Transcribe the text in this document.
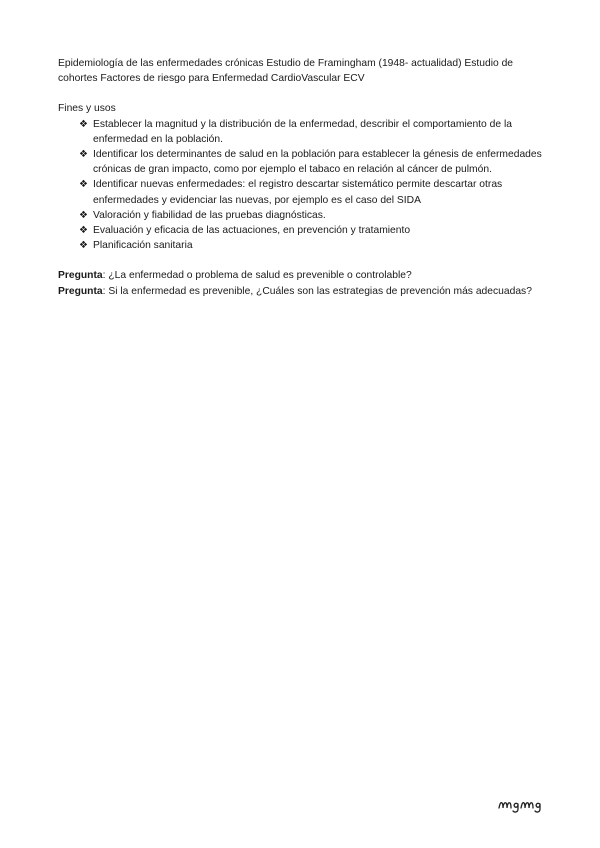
Epidemiología de las enfermedades crónicas Estudio de Framingham (1948- actualidad) Estudio de cohortes Factores de riesgo para Enfermedad CardioVascular ECV

Fines y usos

❖ Establecer la magnitud y la distribución de la enfermedad, describir el comportamiento de la enfermedad en la población.
❖ Identificar los determinantes de salud en la población para establecer la génesis de enfermedades crónicas de gran impacto, como por ejemplo el tabaco en relación al cáncer de pulmón.
❖ Identificar nuevas enfermedades: el registro descartar sistemático permite descartar otras enfermedades y evidenciar las nuevas, por ejemplo es el caso del SIDA
❖ Valoración y fiabilidad de las pruebas diagnósticas.
❖ Evaluación y eficacia de las actuaciones, en prevención y tratamiento
❖ Planificación sanitaria

Pregunta: ¿La enfermedad o problema de salud es prevenible o controlable?

Pregunta: Si la enfermedad es prevenible, ¿Cuáles son las estrategias de prevención más adecuadas?
